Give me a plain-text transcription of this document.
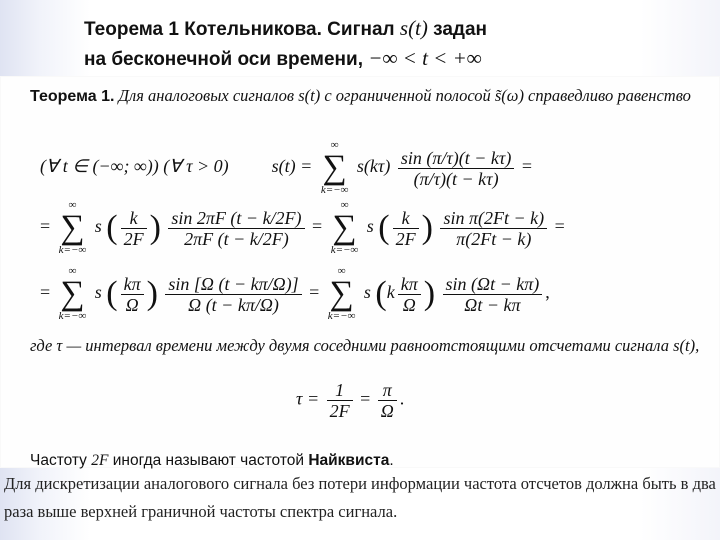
Теорема 1 Котельникова. Сигнал s(t) задан
на бесконечной оси времени, −∞ < t < +∞
Теорема 1. Для аналоговых сигналов s(t) с ограниченной полосой s̃(ω) справедливо равенство
(∀ t ∈ (−∞; ∞)) (∀ τ > 0) s(t) =
∞
∑
k=−∞
$s(k\tau) \frac{\sin (\pi/\tau)(t - k\tau)}{(\pi/\tau)(t - k\tau)}$ =
=
∞
∑
k=−∞
s ( $\frac{k}{2F}$ ) $\frac{\sin 2\pi F (t - k/2F)}{2\pi F (t - k/2F)}$ =
∞
∑
k=−∞
s ( $\frac{k}{2F}$ ) $\frac{\text{sin π(2Ft − k)}}{\pi(2Ft - k)}$ =
=
∞
∑
k=−∞
s ( $\frac{k\pi}{\Omega}$ ) $\frac{\sin [\Omega (t - k\pi/\Omega)]}{\Omega (t - k\pi/\Omega)}$ =
∞
∑
k=−∞
s ($k \frac{k\pi}{\Omega}$ ) $\frac{\sin (\Omega t - k\pi)}{\Omega t - k\pi}$ ,
где τ — интервал времени между двумя соседними равноотстоящими отсчетами сигнала s(t),
$\tau = \frac{1}{2F} = \frac{\pi}{\Omega}$ .
Частоту 2F иногда называют частотой Найквиста.
Для дискретизации аналогового сигнала без потери информации частота отсчетов должна быть в два раза выше верхней граничной частоты спектра сигнала.
